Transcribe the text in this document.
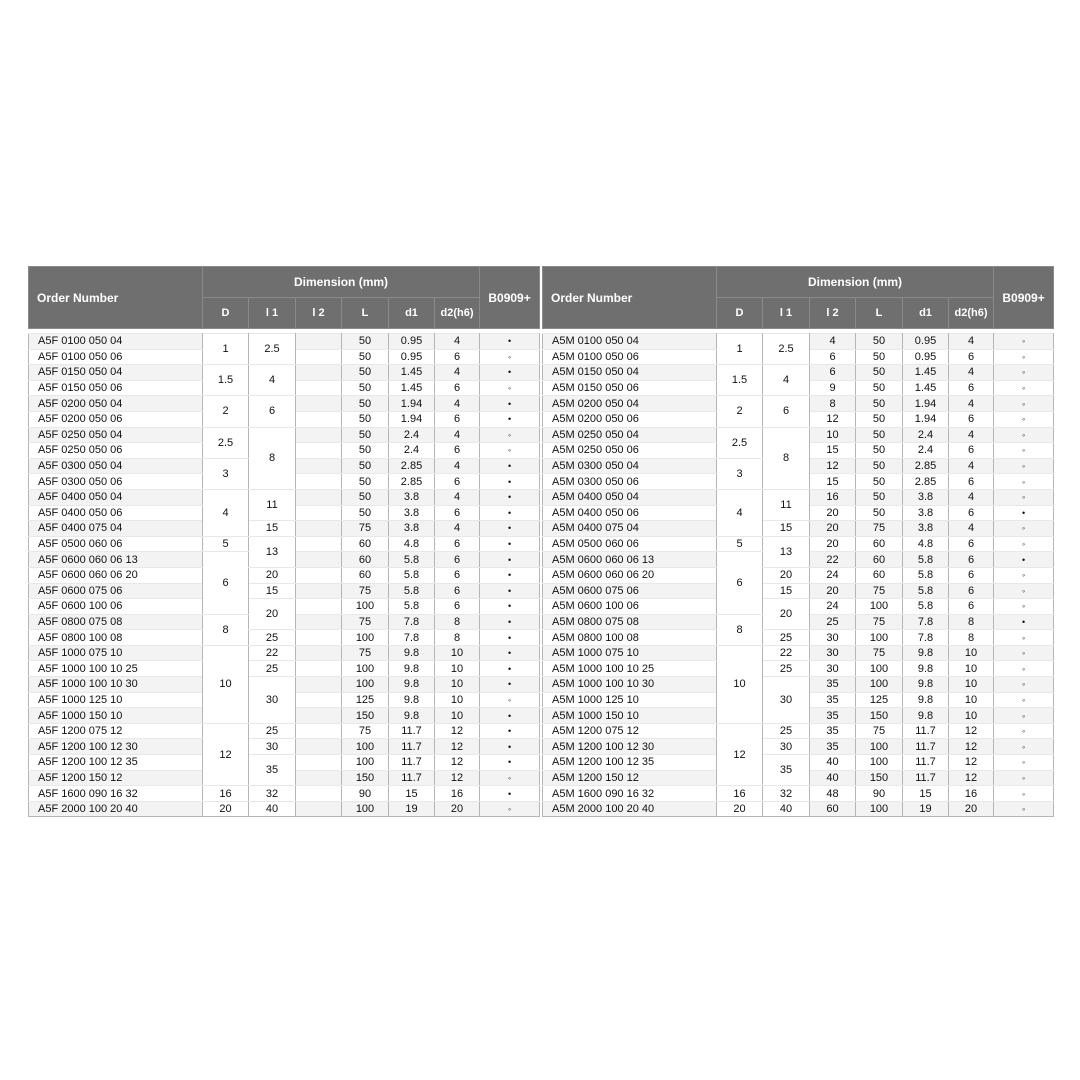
Order Number	Dimension (mm)						B0909+
	D	l 1	l 2	L	d1	d2(h6)	

A5F 0100 050 04	1	2.5		50	0.95	4	•
A5F 0100 050 06				50	0.95	6	◦
A5F 0150 050 04	1.5	4		50	1.45	4	•
A5F 0150 050 06				50	1.45	6	◦
A5F 0200 050 04	2	6		50	1.94	4	•
A5F 0200 050 06				50	1.94	6	•
A5F 0250 050 04	2.5	8		50	2.4	4	◦
A5F 0250 050 06				50	2.4	6	◦
A5F 0300 050 04	3			50	2.85	4	•
A5F 0300 050 06				50	2.85	6	•
A5F 0400 050 04	4	11		50	3.8	4	•
A5F 0400 050 06				50	3.8	6	•
A5F 0400 075 04		15		75	3.8	4	•
A5F 0500 060 06	5	13		60	4.8	6	•
A5F 0600 060 06 13	6			60	5.8	6	•
A5F 0600 060 06 20		20		60	5.8	6	•
A5F 0600 075 06		15		75	5.8	6	•
A5F 0600 100 06		20		100	5.8	6	•
A5F 0800 075 08	8			75	7.8	8	•
A5F 0800 100 08		25		100	7.8	8	•
A5F 1000 075 10	10	22		75	9.8	10	•
A5F 1000 100 10 25		25		100	9.8	10	•
A5F 1000 100 10 30		30		100	9.8	10	•
A5F 1000 125 10				125	9.8	10	◦
A5F 1000 150 10				150	9.8	10	•
A5F 1200 075 12	12	25		75	11.7	12	•
A5F 1200 100 12 30		30		100	11.7	12	•
A5F 1200 100 12 35		35		100	11.7	12	•
A5F 1200 150 12				150	11.7	12	◦
A5F 1600 090 16 32	16	32		90	15	16	•
A5F 2000 100 20 40	20	40		100	19	20	◦
Order Number	Dimension (mm)						B0909+
	D	l 1	l 2	L	d1	d2(h6)	

A5M 0100 050 04	1	2.5	4	50	0.95	4	◦
A5M 0100 050 06			6	50	0.95	6	◦
A5M 0150 050 04	1.5	4	6	50	1.45	4	◦
A5M 0150 050 06			9	50	1.45	6	◦
A5M 0200 050 04	2	6	8	50	1.94	4	◦
A5M 0200 050 06			12	50	1.94	6	◦
A5M 0250 050 04	2.5	8	10	50	2.4	4	◦
A5M 0250 050 06			15	50	2.4	6	◦
A5M 0300 050 04	3		12	50	2.85	4	◦
A5M 0300 050 06			15	50	2.85	6	◦
A5M 0400 050 04	4	11	16	50	3.8	4	◦
A5M 0400 050 06			20	50	3.8	6	•
A5M 0400 075 04		15	20	75	3.8	4	◦
A5M 0500 060 06	5	13	20	60	4.8	6	◦
A5M 0600 060 06 13	6		22	60	5.8	6	•
A5M 0600 060 06 20		20	24	60	5.8	6	◦
A5M 0600 075 06		15	20	75	5.8	6	◦
A5M 0600 100 06		20	24	100	5.8	6	◦
A5M 0800 075 08	8		25	75	7.8	8	•
A5M 0800 100 08		25	30	100	7.8	8	◦
A5M 1000 075 10	10	22	30	75	9.8	10	◦
A5M 1000 100 10 25		25	30	100	9.8	10	◦
A5M 1000 100 10 30		30	35	100	9.8	10	◦
A5M 1000 125 10			35	125	9.8	10	◦
A5M 1000 150 10			35	150	9.8	10	◦
A5M 1200 075 12	12	25	35	75	11.7	12	◦
A5M 1200 100 12 30		30	35	100	11.7	12	◦
A5M 1200 100 12 35		35	40	100	11.7	12	◦
A5M 1200 150 12			40	150	11.7	12	◦
A5M 1600 090 16 32	16	32	48	90	15	16	◦
A5M 2000 100 20 40	20	40	60	100	19	20	◦
